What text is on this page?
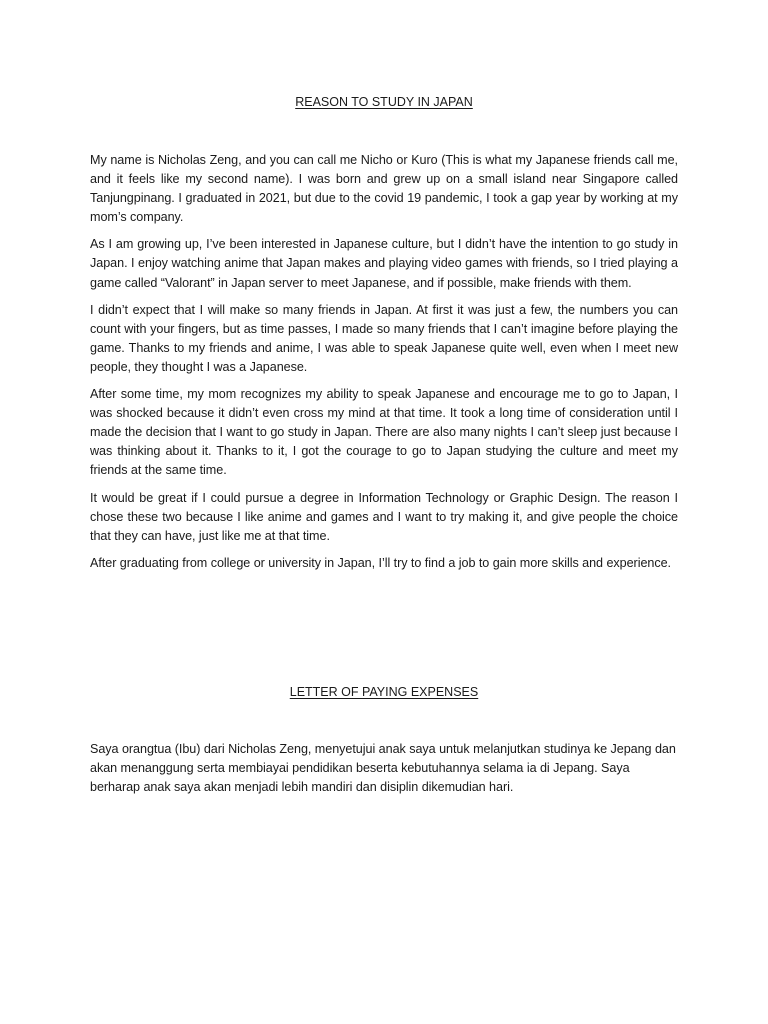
REASON TO STUDY IN JAPAN

My name is Nicholas Zeng, and you can call me Nicho or Kuro (This is what my Japanese friends call me, and it feels like my second name). I was born and grew up on a small island near Singapore called Tanjungpinang. I graduated in 2021, but due to the covid 19 pandemic, I took a gap year by working at my mom’s company.

As I am growing up, I’ve been interested in Japanese culture, but I didn’t have the intention to go study in Japan. I enjoy watching anime that Japan makes and playing video games with friends, so I tried playing a game called “Valorant” in Japan server to meet Japanese, and if possible, make friends with them.

I didn’t expect that I will make so many friends in Japan. At first it was just a few, the numbers you can count with your fingers, but as time passes, I made so many friends that I can’t imagine before playing the game. Thanks to my friends and anime, I was able to speak Japanese quite well, even when I meet new people, they thought I was a Japanese.

After some time, my mom recognizes my ability to speak Japanese and encourage me to go to Japan, I was shocked because it didn’t even cross my mind at that time. It took a long time of consideration until I made the decision that I want to go study in Japan. There are also many nights I can’t sleep just because I was thinking about it. Thanks to it, I got the courage to go to Japan studying the culture and meet my friends at the same time.

It would be great if I could pursue a degree in Information Technology or Graphic Design. The reason I chose these two because I like anime and games and I want to try making it, and give people the choice that they can have, just like me at that time.

After graduating from college or university in Japan, I’ll try to find a job to gain more skills and experience.

LETTER OF PAYING EXPENSES

Saya orangtua (Ibu) dari Nicholas Zeng, menyetujui anak saya untuk melanjutkan studinya ke Jepang dan akan menanggung serta membiayai pendidikan beserta kebutuhannya selama ia di Jepang. Saya berharap anak saya akan menjadi lebih mandiri dan disiplin dikemudian hari.
